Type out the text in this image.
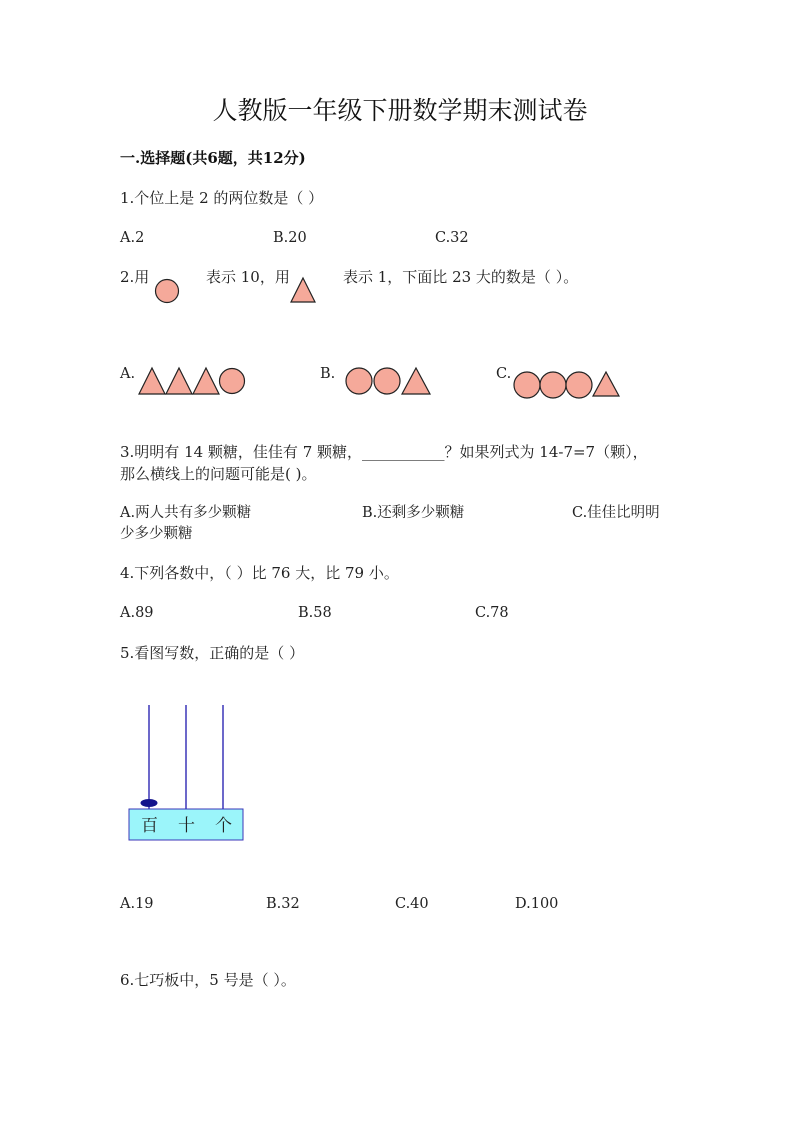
人教版一年级下册数学期末测试卷
一.选择题(共6题，共12分)
1.个位上是 2 的两位数是（ ）
A.2	B.20	C.32
2.用	表示 10，用	表示 1，下面比 23 大的数是（ ）。
A.	B.	C.
3.明明有 14 颗糖，佳佳有 7 颗糖，___________？如果列式为 14-7=7（颗），
那么横线上的问题可能是( )。
A.两人共有多少颗糖	B.还剩多少颗糖	C.佳佳比明明
少多少颗糖
4.下列各数中，（ ）比 76 大，比 79 小。
A.89	B.58	C.78
5.看图写数，正确的是（ ）
百 十 个
A.19	B.32	C.40	D.100
6.七巧板中，5 号是（ ）。
